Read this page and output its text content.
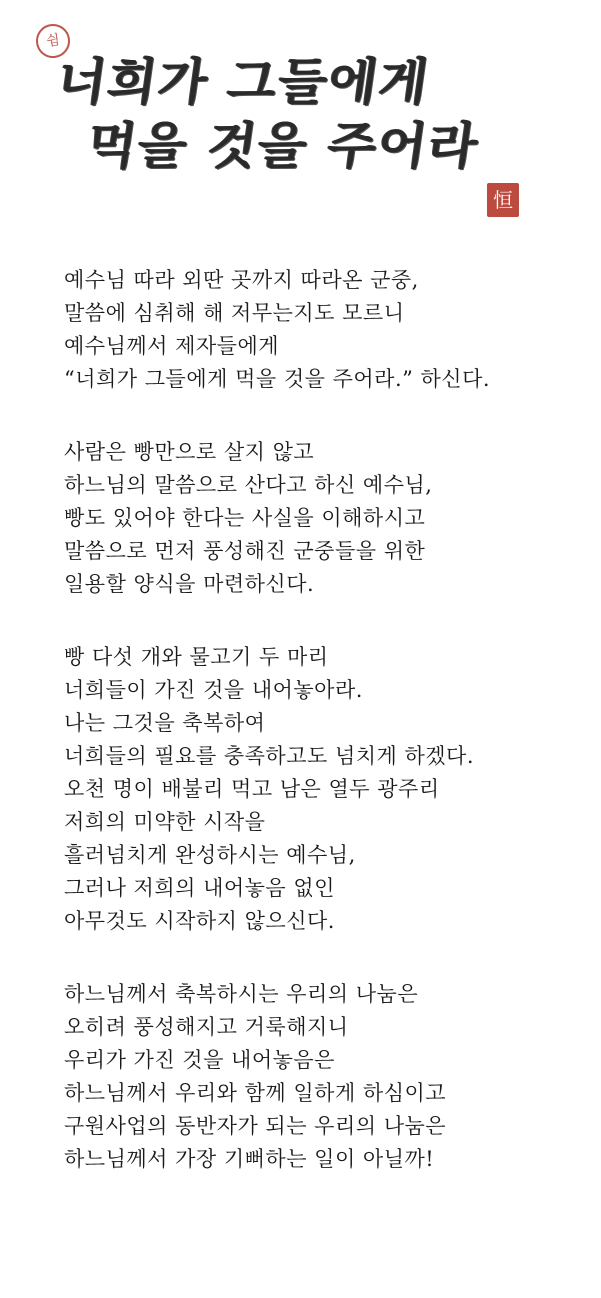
쉼
너희가 그들에게
먹을 것을 주어라
恒
예수님 따라 외딴 곳까지 따라온 군중,
말씀에 심취해 해 저무는지도 모르니
예수님께서 제자들에게
“너희가 그들에게 먹을 것을 주어라.” 하신다.
사람은 빵만으로 살지 않고
하느님의 말씀으로 산다고 하신 예수님,
빵도 있어야 한다는 사실을 이해하시고
말씀으로 먼저 풍성해진 군중들을 위한
일용할 양식을 마련하신다.
빵 다섯 개와 물고기 두 마리
너희들이 가진 것을 내어놓아라.
나는 그것을 축복하여
너희들의 필요를 충족하고도 넘치게 하겠다.
오천 명이 배불리 먹고 남은 열두 광주리
저희의 미약한 시작을
흘러넘치게 완성하시는 예수님,
그러나 저희의 내어놓음 없인
아무것도 시작하지 않으신다.
하느님께서 축복하시는 우리의 나눔은
오히려 풍성해지고 거룩해지니
우리가 가진 것을 내어놓음은
하느님께서 우리와 함께 일하게 하심이고
구원사업의 동반자가 되는 우리의 나눔은
하느님께서 가장 기뻐하는 일이 아닐까!
